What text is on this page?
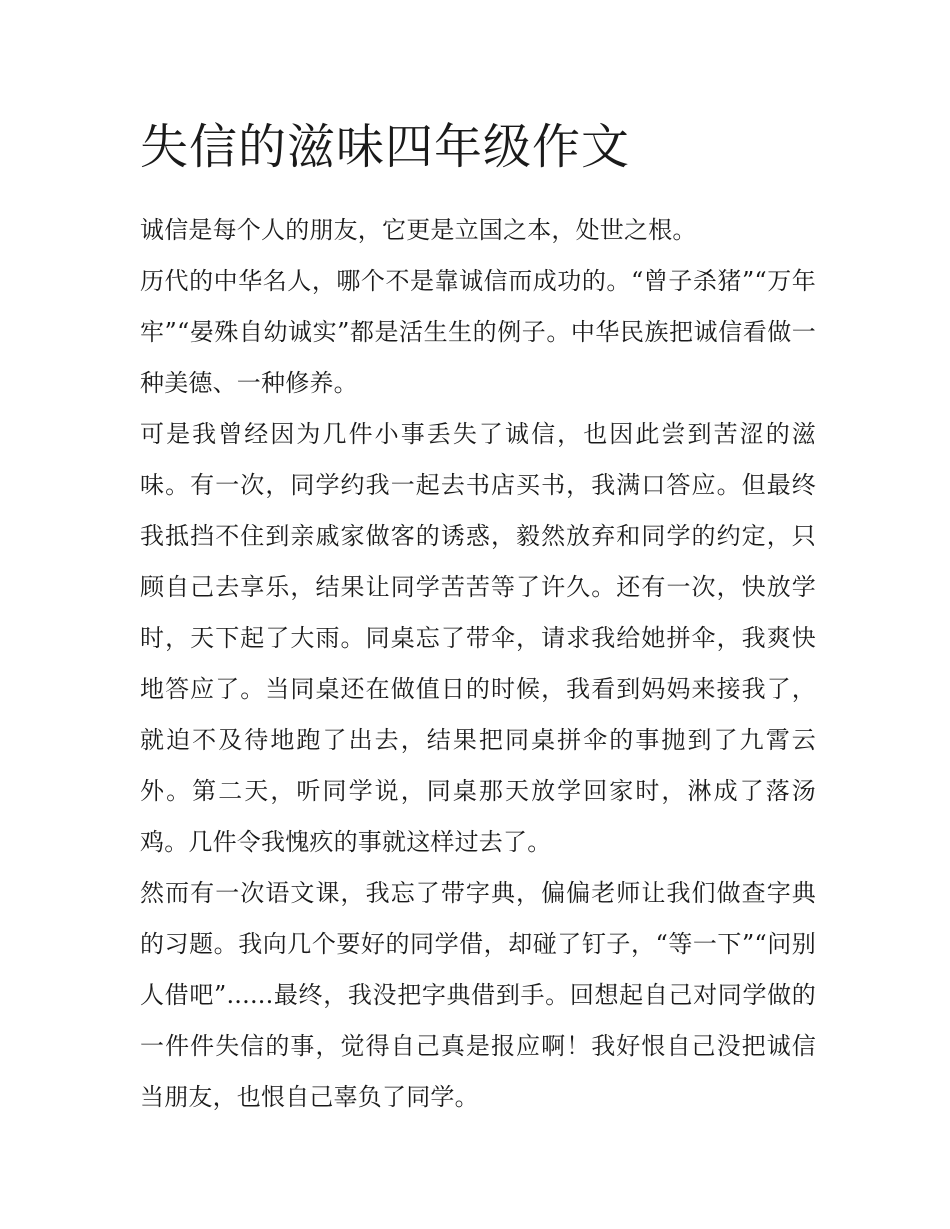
失信的滋味四年级作文

诚信是每个人的朋友，它更是立国之本，处世之根。

历代的中华名人，哪个不是靠诚信而成功的。“曾子杀猪”“万年牢”“晏殊自幼诚实”都是活生生的例子。中华民族把诚信看做一种美德、一种修养。

可是我曾经因为几件小事丢失了诚信，也因此尝到苦涩的滋味。有一次，同学约我一起去书店买书，我满口答应。但最终我抵挡不住到亲戚家做客的诱惑，毅然放弃和同学的约定，只顾自己去享乐，结果让同学苦苦等了许久。还有一次，快放学时，天下起了大雨。同桌忘了带伞，请求我给她拼伞，我爽快地答应了。当同桌还在做值日的时候，我看到妈妈来接我了，就迫不及待地跑了出去，结果把同桌拼伞的事抛到了九霄云外。第二天，听同学说，同桌那天放学回家时，淋成了落汤鸡。几件令我愧疚的事就这样过去了。

然而有一次语文课，我忘了带字典，偏偏老师让我们做查字典的习题。我向几个要好的同学借，却碰了钉子，“等一下”“问别人借吧”......最终，我没把字典借到手。回想起自己对同学做的一件件失信的事，觉得自己真是报应啊！我好恨自己没把诚信当朋友，也恨自己辜负了同学。
